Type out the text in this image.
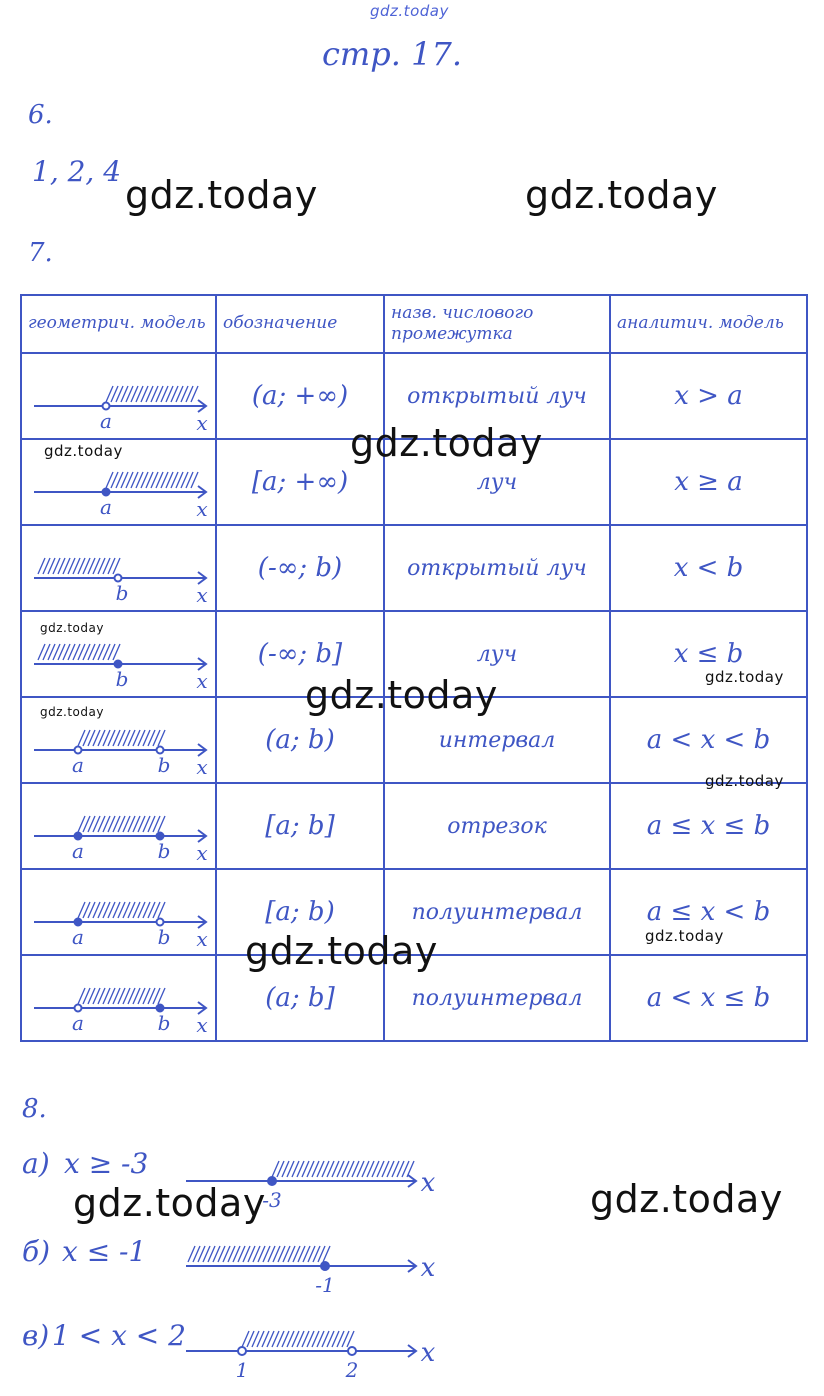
gdz.today
стр. 17.
6.
1, 2, 4
7.
геометрич. модель	обозначение	назв. числового промежутка	аналитич. модель

a x	(a; +∞)	открытый луч	x > a

a x	[a; +∞)	луч	x ≥ a

b x	(-∞; b)	открытый луч	x < b

b x	(-∞; b]	луч	x ≤ b

a b x	(a; b)	интервал	a < x < b

a b x	[a; b]	отрезок	a ≤ x ≤ b

a b x	[a; b)	полуинтервал	a ≤ x < b

a b x	(a; b]	полуинтервал	a < x ≤ b
8.
а) x ≥ -3
-3
x
б) x ≤ -1
-1
x
в) 1 < x < 2
1	2
x
gdz.today	gdz.today
gdz.today
gdz.today
gdz.today
gdz.today
gdz.today
gdz.today
gdz.today
gdz.today
gdz.today
gdz.today	gdz.today
